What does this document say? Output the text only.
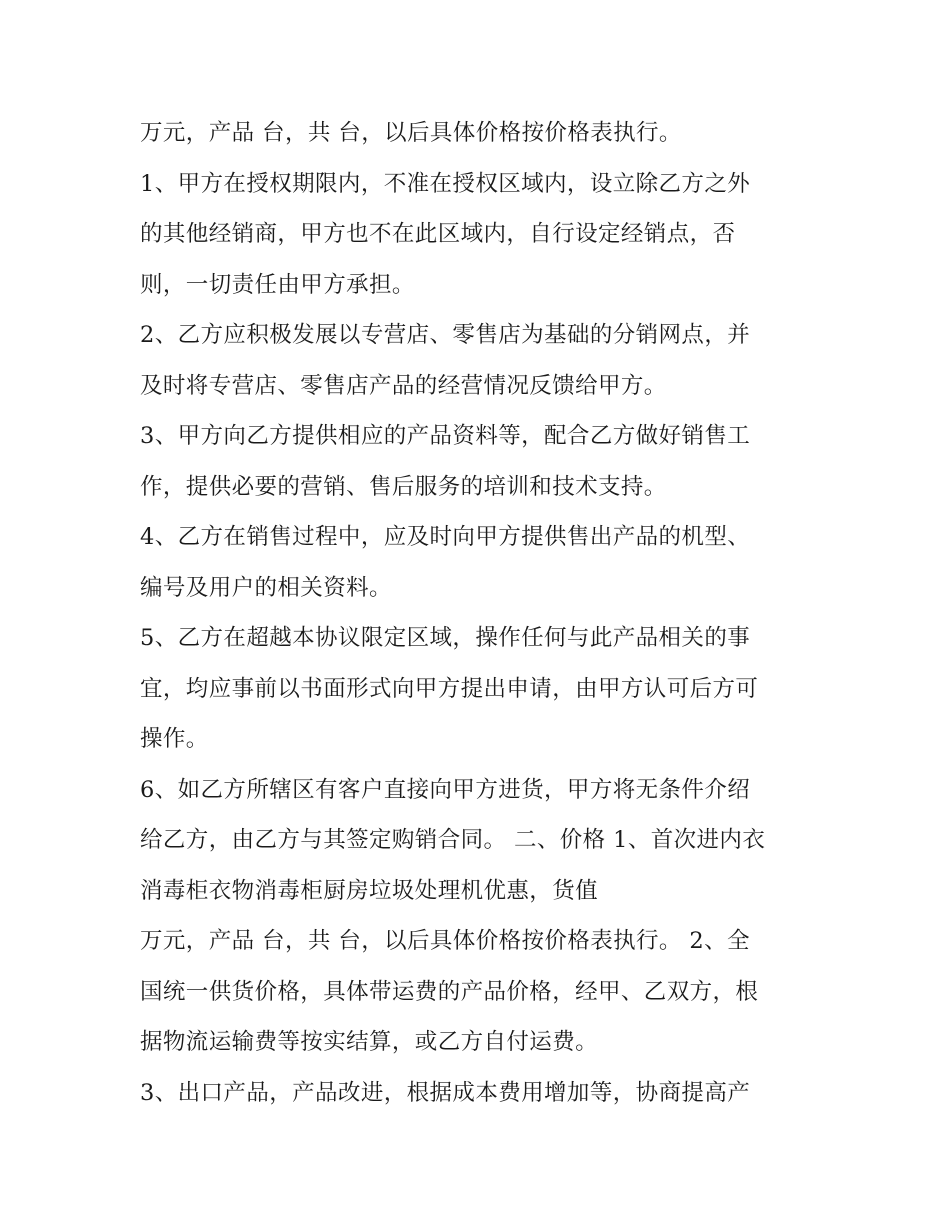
万元，产品 台，共 台，以后具体价格按价格表执行。
1、甲方在授权期限内，不准在授权区域内，设立除乙方之外
的其他经销商，甲方也不在此区域内，自行设定经销点，否
则，一切责任由甲方承担。
2、乙方应积极发展以专营店、零售店为基础的分销网点，并
及时将专营店、零售店产品的经营情况反馈给甲方。
3、甲方向乙方提供相应的产品资料等，配合乙方做好销售工
作，提供必要的营销、售后服务的培训和技术支持。
4、乙方在销售过程中，应及时向甲方提供售出产品的机型、
编号及用户的相关资料。
5、乙方在超越本协议限定区域，操作任何与此产品相关的事
宜，均应事前以书面形式向甲方提出申请，由甲方认可后方可
操作。
6、如乙方所辖区有客户直接向甲方进货，甲方将无条件介绍
给乙方，由乙方与其签定购销合同。 二、价格 1、首次进内衣
消毒柜衣物消毒柜厨房垃圾处理机优惠，货值
万元，产品 台，共 台，以后具体价格按价格表执行。 2、全
国统一供货价格，具体带运费的产品价格，经甲、乙双方，根
据物流运输费等按实结算，或乙方自付运费。
3、出口产品，产品改进，根据成本费用增加等，协商提高产
